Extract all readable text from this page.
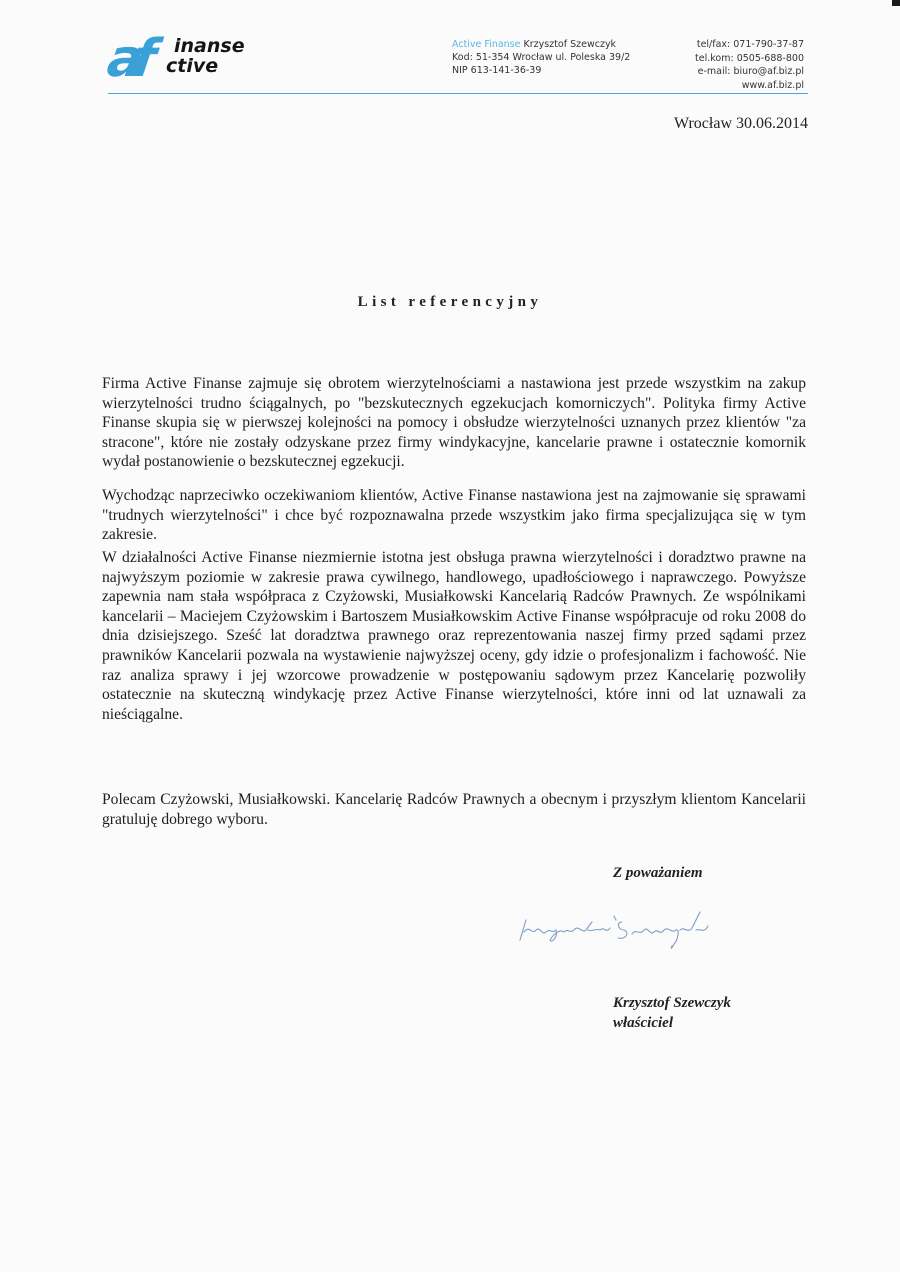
af inanse
ctive
Active Finanse Krzysztof Szewczyk
Kod: 51-354 Wrocław ul. Poleska 39/2
NIP 613-141-36-39
tel/fax: 071-790-37-87
tel.kom: 0505-688-800
e-mail: biuro@af.biz.pl
www.af.biz.pl
Wrocław 30.06.2014
List referencyjny

Firma Active Finanse zajmuje się obrotem wierzytelnościami a nastawiona jest przede wszystkim na zakup wierzytelności trudno ściągalnych, po "bezskutecznych egzekucjach komorniczych". Polityka firmy Active Finanse skupia się w pierwszej kolejności na pomocy i obsłudze wierzytelności uznanych przez klientów "za stracone", które nie zostały odzyskane przez firmy windykacyjne, kancelarie prawne i ostatecznie komornik wydał postanowienie o bezskutecznej egzekucji.

Wychodząc naprzeciwko oczekiwaniom klientów, Active Finanse nastawiona jest na zajmowanie się sprawami "trudnych wierzytelności" i chce być rozpoznawalna przede wszystkim jako firma specjalizująca się w tym zakresie.

W działalności Active Finanse niezmiernie istotna jest obsługa prawna wierzytelności i doradztwo prawne na najwyższym poziomie w zakresie prawa cywilnego, handlowego, upadłościowego i naprawczego. Powyższe zapewnia nam stała współpraca z Czyżowski, Musiałkowski Kancelarią Radców Prawnych. Ze wspólnikami kancelarii – Maciejem Czyżowskim i Bartoszem Musiałkowskim Active Finanse współpracuje od roku 2008 do dnia dzisiejszego. Sześć lat doradztwa prawnego oraz reprezentowania naszej firmy przed sądami przez prawników Kancelarii pozwala na wystawienie najwyższej oceny, gdy idzie o profesjonalizm i fachowość. Nie raz analiza sprawy i jej wzorcowe prowadzenie w postępowaniu sądowym przez Kancelarię pozwoliły ostatecznie na skuteczną windykację przez Active Finanse wierzytelności, które inni od lat uznawali za nieściągalne.

Polecam Czyżowski, Musiałkowski. Kancelarię Radców Prawnych a obecnym i przyszłym klientom Kancelarii gratuluję dobrego wyboru.

Z poważaniem
Krzysztof Szewczyk
właściciel
